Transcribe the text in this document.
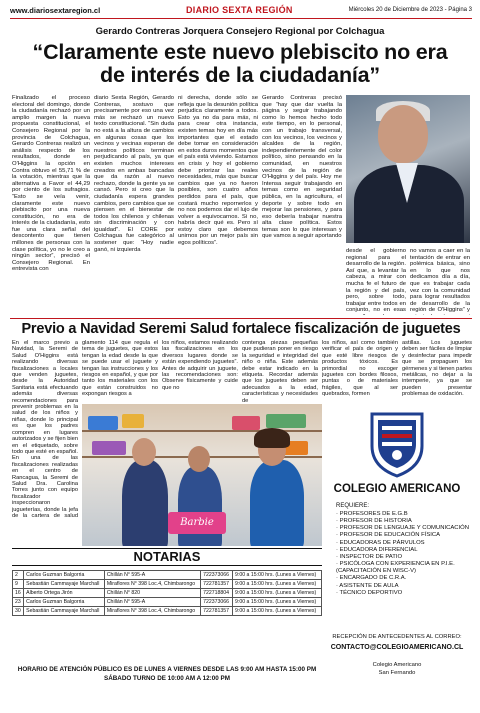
www.diariosextaregion.cl	DIARIO SEXTA REGIÓN	Miércoles 20 de Diciembre de 2023 - Página 3
Gerardo Contreras Jorquera Consejero Regional por Colchagua
“Claramente este nuevo plebiscito no era de interés de la ciudadanía”
Finalizado el proceso electoral del domingo, donde la ciudadanía rechazó por un amplio margen la nueva propuesta constitucional, el Consejero Regional por la provincia de Colchagua, Gerardo Contreras realizó un análisis respecto de los resultados, donde en O'Higgins la opción en Contra obtuvo el 55,71 % de la votación, mientras que la alternativa a Favor el 44,29 por ciento de los sufragios. “Esto se veía venir, claramente este nuevo plebiscito por una nueva constitución, no era de interés de la ciudadanía, esto fue una clara señal del descontento que tienen millones de personas con la clase política, yo no le creo a ningún sector”, precisó el Consejero Regional. En entrevista con
diario Sexta Región, Gerardo Contreras, sostuvo que precisamente por eso una vez más se rechazó un nuevo texto constitucional. “Sin duda no está a la altura de cambios en algunas cosas que los vecinos y vecinas esperan de nuestros políticos terminan perjudicando al país, ya que existen muchos intereses creados en ambas bancadas que da razón al nuevo rechazo, donde la gente ya se cansó. Pero si creo que la ciudadanía espera grandes cambios, pero cambios que se piensen en el bienestar de todos los chilenos y chilenas sin discriminación y con igualdad”. El CORE por Colchagua fue categórico al sostener que: “Hoy nadie ganó, ni izquierda
ni derecha, donde sólo se refleja que la desunión política perjudica claramente a todos. Esto ya no da para más, ni para crear otra instancia, existen temas hoy en día más importantes que el estado debe tomar en consideración en estos duros momentos que el país está viviendo. Estamos en crisis y hoy el gobierno debe priorizar las reales necesidades, más que buscar cambios que ya no fueron posibles, son cuatro años perdidos para el país, que costará mucho repornerlos y no nos podemos dar el lujo de volver a equivocarnos. Si no, habría decir qué es. Pero sí estoy claro que debemos unirnos por un mejor país sin egos políticos”.
Gerardo Contreras precisó que “hay que dar vuelta la página y seguir trabajando como lo hemos hecho todo este tiempo, en lo personal, con un trabajo transversal, con los vecinos, los vecinos y alcaldes de la región, independientemente del color político, sino pensando en la comunidad, en nuestros vecinos de la región de O'Higgins y del país. Hoy me Intensa seguir trabajando en temas como en seguridad pública, en la agricultura, el deporte y sobre todo en mejorar las pensiones, y para eso debería trabajar nuestra alta clase política. Estos temas son lo que interesan y que vamos a seguir aportando
desde el gobierno regional para el desarrollo de la región. Así que, a levantar la cabeza, a mirar con mucha fe el futuro de la región y del país, pero, sobre todo, trabajar entre todos en conjunto, no en esas
no vamos a caer en la tentación de entrar en polémica básica, sino en lo que nos dedicamos día a día, que es trabajar cada vez con la comunidad para lograr resultados de desarrollo de la región de O'Higgins” y
Previo a Navidad Seremi Salud fortalece fiscalización de juguetes
En el marco previo a Navidad, la Seremi de Salud O'Higgins está realizando diversas fiscalizaciones a locales que venden juguetes, desde la Autoridad Sanitaria está efectuando además diversas recomendaciones para prevenir problemas en la salud de los niños y niñas, donde lo principal es que los padres compren en lugares autorizados y se fijen bien en el etiquetado, sobre todo que esté en español. En una de las fiscalizaciones realizadas en el centro de Rancagua, la Seremi de Salud Dra. Carolina Torres junto con equipo fiscalizador inspeccionaron jugueterías, donde la jefa de la cartera de salud
glamento 114 que regula el tema de juguetes, que estos tengan la edad desde la que se puede usar el juguete y tengan las instrucciones y los riesgos en español, y que por tanto los materiales con los que están construidos no expongan riesgos a
los niños, estamos realizando las fiscalizaciones en los diversos lugares donde se están expendiendo juguetes”. Antes de adquirir un juguete, las recomendaciones son: Observe físicamente y cuide que no
contenga piezas pequeñas que pudieran poner en riesgo la seguridad e integridad del niño o niña. Este además debe estar indicado en la etiqueta. Recordar además que los juguetes deben ser adecuados a la edad, características y necesidades de
los niños, así como también verificar el país de origen y que esté libre riesgos de productos tóxicos. Es primordial no escoger juguetes con bordes filosos, puntas o de materiales frágiles, que al ser quebrados, formen
astillas. Los juguetes deben ser fáciles de limpiar y desinfectar para impedir que se propaguen los gérmenes y si tienen partes metálicas, no dejar a la intemperie, ya que se pueden presentar problemas de oxidación.
Barbie
NOTARIAS
2	Carlos Guzman Balgorria	Chillán N° 595-A	722373066	9:00 a 15:00 hrs. (Lunes a Viernes)
9	Sebastián Cammayaje Marchall	Miraflores N° 398 Loc.4, Chimbarongo	722781357	9:00 a 15:00 hrs. (Lunes a Viernes)
16	Alberto Ortega Jirón	Chillán N° 820	722718804	9:00 a 15:00 hrs. (Lunes a Viernes)
23	Carlos Guzman Balgorria	Chillán N° 595-A	722373066	9:00 a 15:00 hrs. (Lunes a Viernes)
30	Sebastián Cammayaje Marchall	Miraflores N° 398 Loc.4, Chimbarongo	722781357	9:00 a 15:00 hrs. (Lunes a Viernes)
HORARIO DE ATENCIÓN PÚBLICO ES DE LUNES A VIERNES DESDE LAS 9:00 AM HASTA 15:00 PM
SÁBADO TURNO DE 10:00 AM A 12:00 PM
COLEGIO AMERICANO
REQUIERE:
· PROFESORES DE E.G.B
· PROFESOR DE HISTORIA
· PROFESOR DE LENGUAJE Y COMUNICACIÓN
· PROFESOR DE EDUCACIÓN FÍSICA
· EDUCADORAS DE PÁRVULOS
· EDUCADORA DIFERENCIAL
· INSPECTOR DE PATIO
· PSICÓLOGA CON EXPERIENCIA EN P.I.E. (CAPACITACIÓN EN WISC-V)
· ENCARGADO DE C.R.A.
· ASISTENTE DE AULA
· TÉCNICO DEPORTIVO
RECEPCIÓN DE ANTECEDENTES AL CORREO:
CONTACTO@COLEGIOAMERICANO.CL
Colegio Americano
San Fernando
